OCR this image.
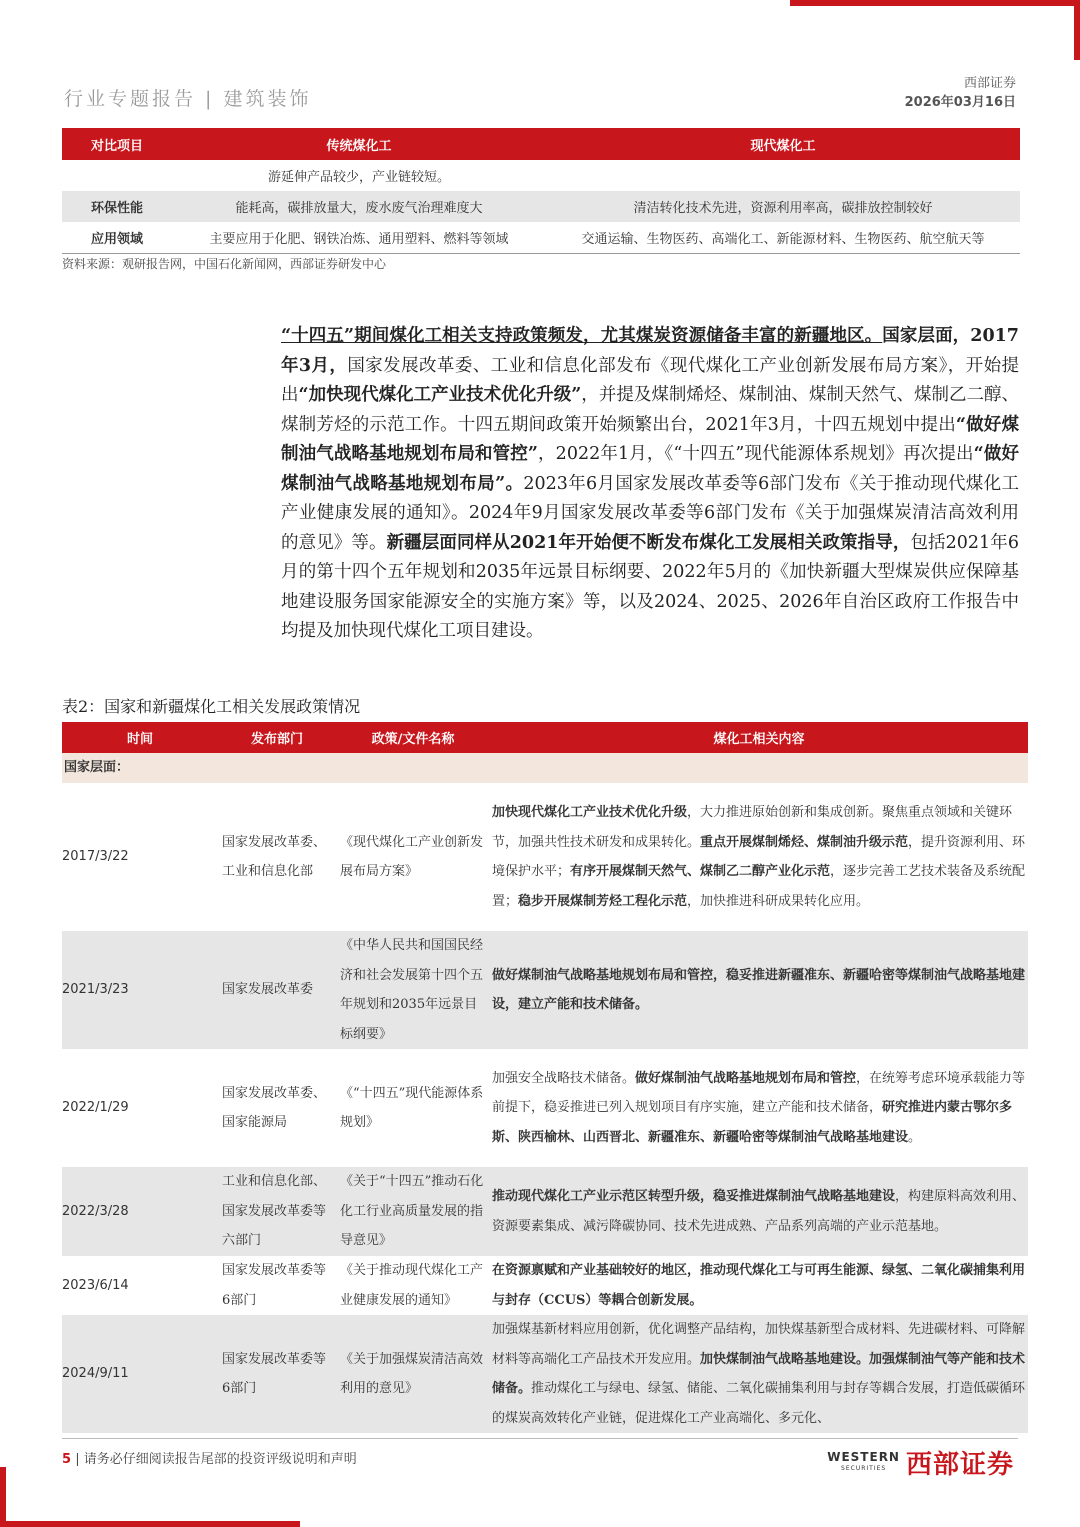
行业专题报告 | 建筑装饰
西部证券
2026年03月16日
对比项目	传统煤化工	现代煤化工
	游延伸产品较少，产业链较短。	
环保性能	能耗高，碳排放量大，废水废气治理难度大	清洁转化技术先进，资源利用率高，碳排放控制较好
应用领域	主要应用于化肥、钢铁冶炼、通用塑料、燃料等领域	交通运输、生物医药、高端化工、新能源材料、生物医药、航空航天等
资料来源：观研报告网，中国石化新闻网，西部证券研发中心
“十四五”期间煤化工相关支持政策频发，尤其煤炭资源储备丰富的新疆地区。国家层面，2017年3月，国家发展改革委、工业和信息化部发布《现代煤化工产业创新发展布局方案》，开始提出“加快现代煤化工产业技术优化升级”，并提及煤制烯烃、煤制油、煤制天然气、煤制乙二醇、煤制芳烃的示范工作。十四五期间政策开始频繁出台，2021年3月，十四五规划中提出“做好煤制油气战略基地规划布局和管控”，2022年1月，《“十四五”现代能源体系规划》再次提出“做好煤制油气战略基地规划布局”。2023年6月国家发展改革委等6部门发布《关于推动现代煤化工产业健康发展的通知》。2024年9月国家发展改革委等6部门发布《关于加强煤炭清洁高效利用的意见》等。新疆层面同样从2021年开始便不断发布煤化工发展相关政策指导，包括2021年6月的第十四个五年规划和2035年远景目标纲要、2022年5月的《加快新疆大型煤炭供应保障基地建设服务国家能源安全的实施方案》等，以及2024、2025、2026年自治区政府工作报告中均提及加快现代煤化工项目建设。
表2：国家和新疆煤化工相关发展政策情况
时间	发布部门	政策/文件名称	煤化工相关内容
国家层面：			
2017/3/22	国家发展改革委、工业和信息化部	《现代煤化工产业创新发展布局方案》	加快现代煤化工产业技术优化升级，大力推进原始创新和集成创新。聚焦重点领域和关键环节，加强共性技术研发和成果转化。重点开展煤制烯烃、煤制油升级示范，提升资源利用、环境保护水平；有序开展煤制天然气、煤制乙二醇产业化示范，逐步完善工艺技术装备及系统配置；稳步开展煤制芳烃工程化示范，加快推进科研成果转化应用。
2021/3/23	国家发展改革委	《中华人民共和国国民经济和社会发展第十四个五年规划和2035年远景目标纲要》	做好煤制油气战略基地规划布局和管控，稳妥推进新疆准东、新疆哈密等煤制油气战略基地建设，建立产能和技术储备。
2022/1/29	国家发展改革委、国家能源局	《“十四五”现代能源体系规划》	加强安全战略技术储备。做好煤制油气战略基地规划布局和管控，在统筹考虑环境承载能力等前提下，稳妥推进已列入规划项目有序实施，建立产能和技术储备，研究推进内蒙古鄂尔多斯、陕西榆林、山西晋北、新疆准东、新疆哈密等煤制油气战略基地建设。
2022/3/28	工业和信息化部、国家发展改革委等六部门	《关于“十四五”推动石化化工行业高质量发展的指导意见》	推动现代煤化工产业示范区转型升级，稳妥推进煤制油气战略基地建设，构建原料高效利用、资源要素集成、减污降碳协同、技术先进成熟、产品系列高端的产业示范基地。
2023/6/14	国家发展改革委等6部门	《关于推动现代煤化工产业健康发展的通知》	在资源禀赋和产业基础较好的地区，推动现代煤化工与可再生能源、绿氢、二氧化碳捕集利用与封存（CCUS）等耦合创新发展。
2024/9/11	国家发展改革委等6部门	《关于加强煤炭清洁高效利用的意见》	加强煤基新材料应用创新，优化调整产品结构，加快煤基新型合成材料、先进碳材料、可降解材料等高端化工产品技术开发应用。加快煤制油气战略基地建设。加强煤制油气等产能和技术储备。推动煤化工与绿电、绿氢、储能、二氧化碳捕集利用与封存等耦合发展，打造低碳循环的煤炭高效转化产业链，促进煤化工产业高端化、多元化、
5 | 请务必仔细阅读报告尾部的投资评级说明和声明	WESTERN
SECURITIES 西部证券
